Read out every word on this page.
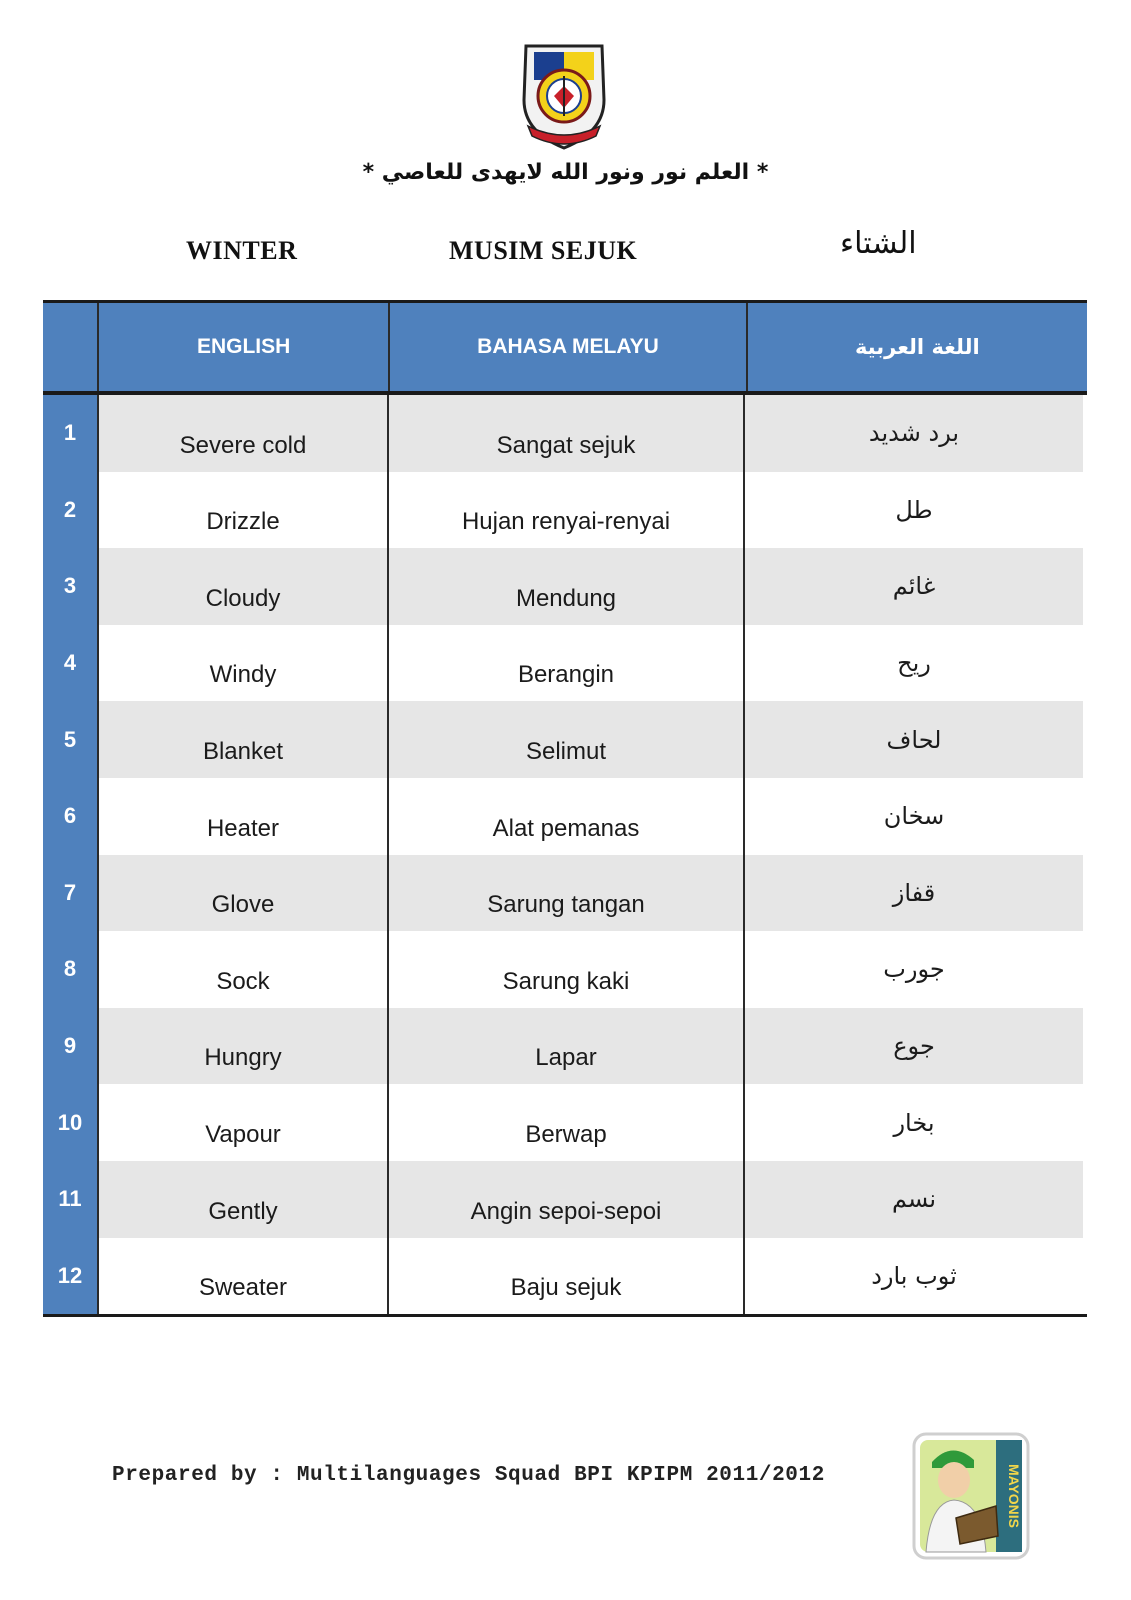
* العلم نور ونور الله لايهدى للعاصي *
WINTER	MUSIM SEJUK	الشتاء
ENGLISH	BAHASA MELAYU	اللغة العربية
1	Severe cold	Sangat sejuk	برد شديد
2	Drizzle	Hujan renyai-renyai	طل
3	Cloudy	Mendung	غائم
4	Windy	Berangin	ريح
5	Blanket	Selimut	لحاف
6	Heater	Alat pemanas	سخان
7	Glove	Sarung tangan	قفاز
8	Sock	Sarung kaki	جورب
9	Hungry	Lapar	جوع
10	Vapour	Berwap	بخار
11	Gently	Angin sepoi-sepoi	نسم
12	Sweater	Baju sejuk	ثوب بارد
Prepared by : Multilanguages Squad BPI KPIPM 2011/2012	MAYONIS
